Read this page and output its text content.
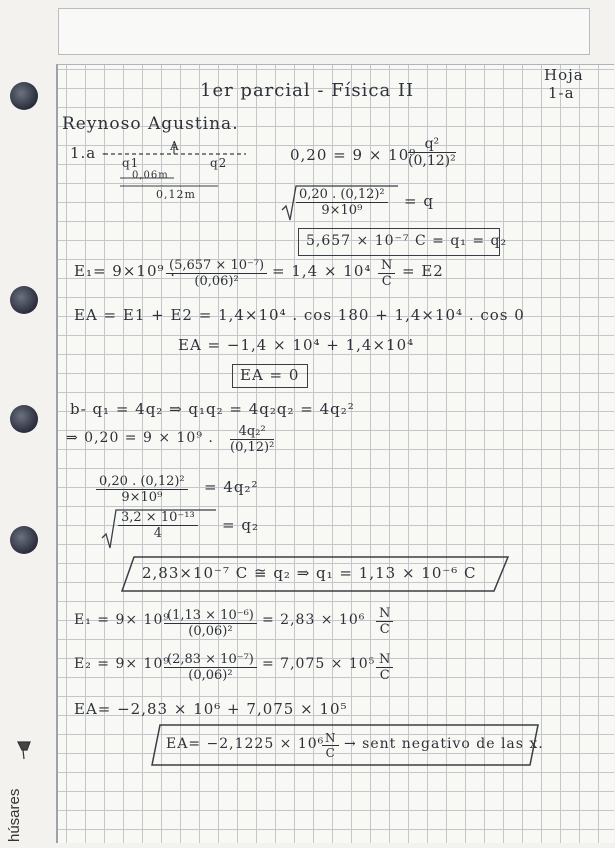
húsares
1er parcial - Física II
Hoja
1-a
Reynoso Agustina.
1.a -	A
q1	q2
0,06m
0,12m
0,20 = 9 × 10⁹
$\frac{\text{q²}}{\text{(0,12)²}}$
$\frac{\text{0,20 . (0,12)²}}{\text{9×10⁹}} = q$
5,657 × 10⁻⁷ C = q₁ = q₂
E₁= 9×10⁹ .
$\frac{\text{(5,657 × 10⁻⁷)}}{\text{(0,06)²}} = 1,4 \times 10^4 \frac{N}{C} = E2$
EA = E1 + E2 = 1,4×10⁴ . cos 180 + 1,4×10⁴ . cos 0
EA = −1,4 × 10⁴ + 1,4×10⁴
EA = 0
b- q₁ = 4q₂ ⇒ q₁q₂ = 4q₂q₂ = 4q₂²
⇒ 0,20 = 9 × 10⁹ . $\frac{\text{4q₂²}}{\text{(0,12)²}}$
$\frac{\text{0,20 . (0,12)²}}{\text{9×10⁹}} = 4q_2^2$
$\frac{\text{3,2 × 10⁻¹³}}{4} = q_2$
2,83×10⁻⁷ C ≅ q₂ ⇒ q₁ = 1,13 × 10⁻⁶ C
E₁ = 9× 10⁹
$\frac{\text{(1,13 × 10⁻⁶)}}{\text{(0,06)²}} = 2,83 \times 10^6 \frac{N}{C}$
E₂ = 9× 10⁹
$\frac{\text{(2,83 × 10⁻⁷)}}{\text{(0,06)²}} = 7,075 \times 10^5 \frac{N}{C}$
EA= −2,83 × 10⁶ + 7,075 × 10⁵
EA= −2,1225 × 10⁶
$\frac{N}{C}$ → sent negativo de las x.
